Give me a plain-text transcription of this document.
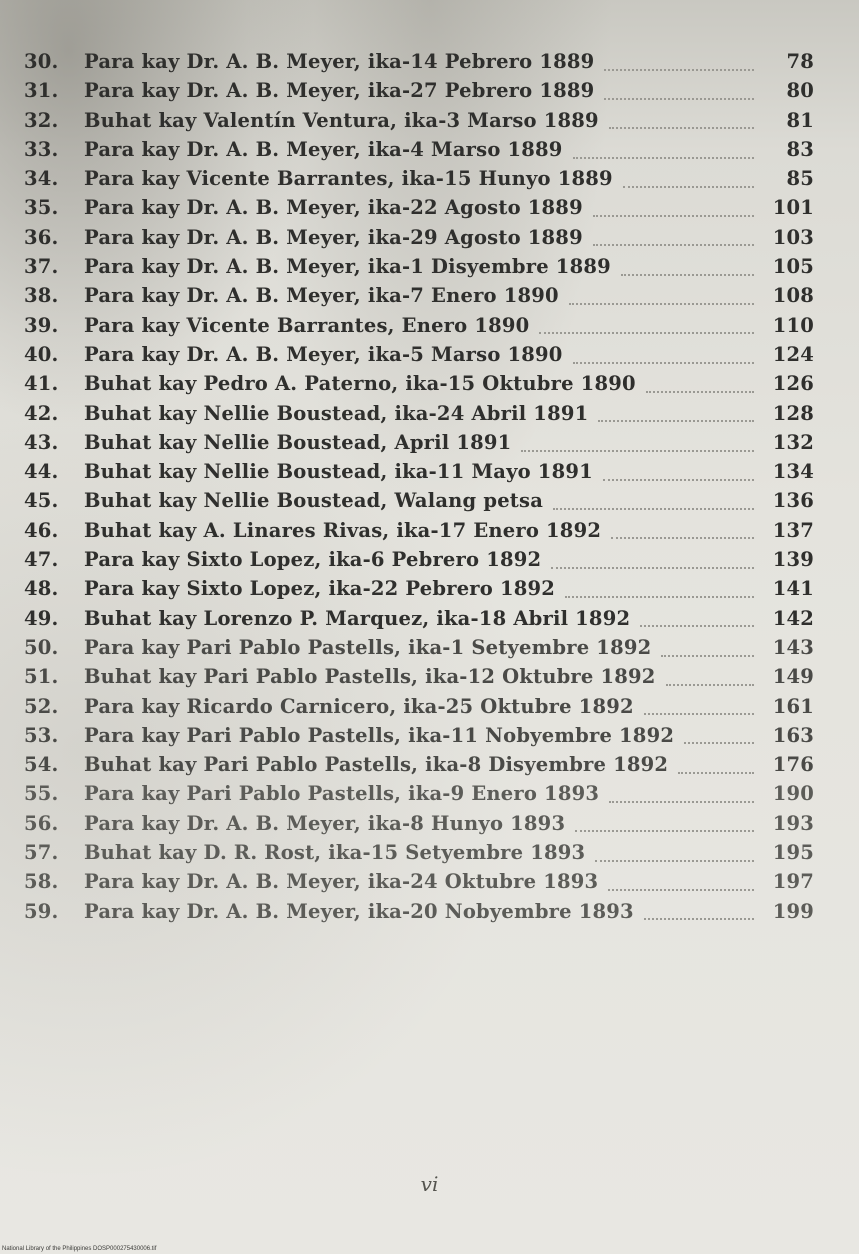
30.	Para kay Dr. A. B. Meyer, ika-14 Pebrero 1889	78
31.	Para kay Dr. A. B. Meyer, ika-27 Pebrero 1889	80
32.	Buhat kay Valentín Ventura, ika-3 Marso 1889	81
33.	Para kay Dr. A. B. Meyer, ika-4 Marso 1889	83
34.	Para kay Vicente Barrantes, ika-15 Hunyo 1889	85
35.	Para kay Dr. A. B. Meyer, ika-22 Agosto 1889	101
36.	Para kay Dr. A. B. Meyer, ika-29 Agosto 1889	103
37.	Para kay Dr. A. B. Meyer, ika-1 Disyembre 1889	105
38.	Para kay Dr. A. B. Meyer, ika-7 Enero 1890	108
39.	Para kay Vicente Barrantes, Enero 1890	110
40.	Para kay Dr. A. B. Meyer, ika-5 Marso 1890	124
41.	Buhat kay Pedro A. Paterno, ika-15 Oktubre 1890	126
42.	Buhat kay Nellie Boustead, ika-24 Abril 1891	128
43.	Buhat kay Nellie Boustead, April 1891	132
44.	Buhat kay Nellie Boustead, ika-11 Mayo 1891	134
45.	Buhat kay Nellie Boustead, Walang petsa	136
46.	Buhat kay A. Linares Rivas, ika-17 Enero 1892	137
47.	Para kay Sixto Lopez, ika-6 Pebrero 1892	139
48.	Para kay Sixto Lopez, ika-22 Pebrero 1892	141
49.	Buhat kay Lorenzo P. Marquez, ika-18 Abril 1892	142
50.	Para kay Pari Pablo Pastells, ika-1 Setyembre 1892	143
51.	Buhat kay Pari Pablo Pastells, ika-12 Oktubre 1892	149
52.	Para kay Ricardo Carnicero, ika-25 Oktubre 1892	161
53.	Para kay Pari Pablo Pastells, ika-11 Nobyembre 1892	163
54.	Buhat kay Pari Pablo Pastells, ika-8 Disyembre 1892	176
55.	Para kay Pari Pablo Pastells, ika-9 Enero 1893	190
56.	Para kay Dr. A. B. Meyer, ika-8 Hunyo 1893	193
57.	Buhat kay D. R. Rost, ika-15 Setyembre 1893	195
58.	Para kay Dr. A. B. Meyer, ika-24 Oktubre 1893	197
59.	Para kay Dr. A. B. Meyer, ika-20 Nobyembre 1893	199
vi
National Library of the Philippines DOSP000275430006.tif
